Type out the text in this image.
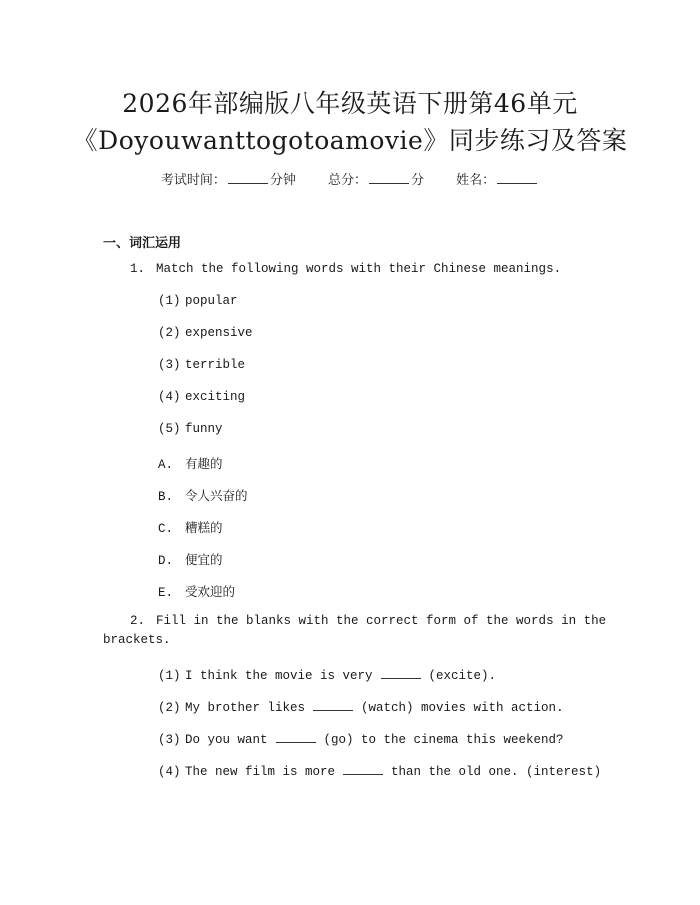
2026年部编版八年级英语下册第46单元
《Doyouwanttogotoamovie》同步练习及答案
考试时间：	分钟 总分：	分 姓名：
一、词汇运用
1. Match the following words with their Chinese meanings.
(1) popular
(2) expensive
(3) terrible
(4) exciting
(5) funny
A. 有趣的
B. 令人兴奋的
C. 糟糕的
D. 便宜的
E. 受欢迎的
2. Fill in the blanks with the correct form of the words in the
brackets.
(1) I think the movie is very	(excite).
(2) My brother likes	(watch) movies with action.
(3) Do you want	(go) to the cinema this weekend?
(4) The new film is more	than the old one. (interest)
